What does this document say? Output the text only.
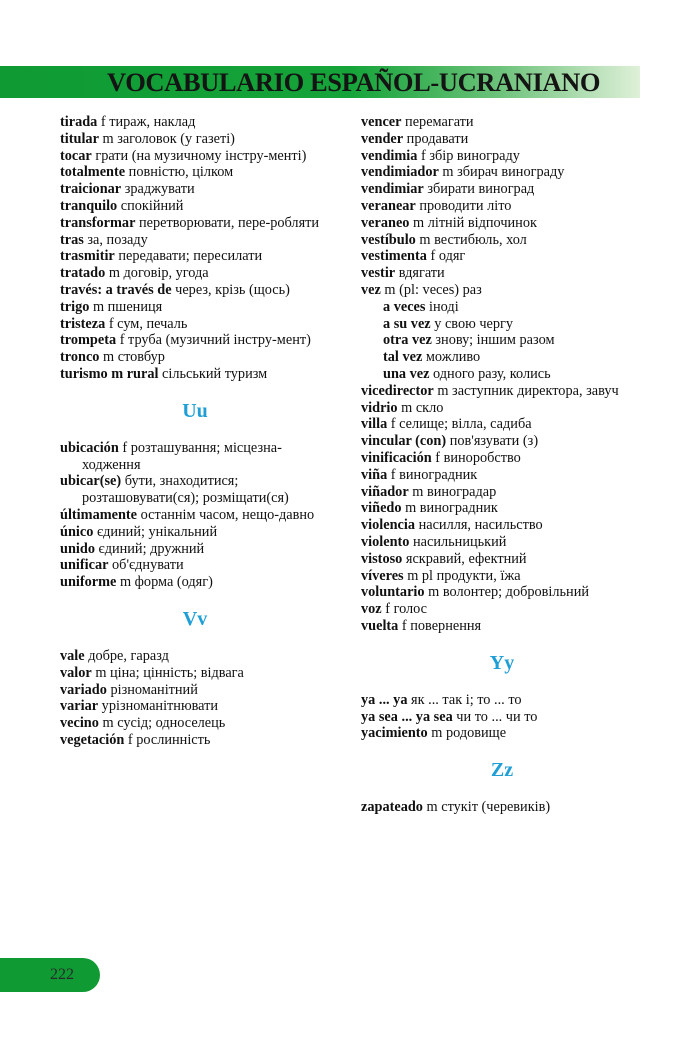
VOCABULARIO ESPAÑOL-UCRANIANO
tirada f тираж, наклад
titular m заголовок (у газеті)
tocar грати (на музичному інстру-менті)
totalmente повністю, цілком
traicionar зраджувати
tranquilo спокійний
transformar перетворювати, пере-робляти
tras за, позаду
trasmitir передавати; пересилати
tratado m договір, угода
través: a través de через, крізь (щось)
trigo m пшениця
tristeza f сум, печаль
trompeta f труба (музичний інстру-мент)
tronco m стовбур
turismo m rural сільський туризм
Uu
ubicación f розташування; місцезна-ходження
ubicar(se) бути, знаходитися; розташовувати(ся); розміщати(ся)
últimamente останнім часом, нещо-давно
único єдиний; унікальний
unido єдиний; дружний
unificar об'єднувати
uniforme m форма (одяг)
Vv
vale добре, гаразд
valor m ціна; цінність; відвага
variado різноманітний
variar урізноманітнювати
vecino m сусід; односелець
vegetación f рослинність
vencer перемагати
vender продавати
vendimia f збір винограду
vendimiador m збирач винограду
vendimiar збирати виноград
veranear проводити літо
veraneo m літній відпочинок
vestíbulo m вестибюль, хол
vestimenta f одяг
vestir вдягати
vez m (pl: veces) раз
a veces іноді
a su vez у свою чергу
otra vez знову; іншим разом
tal vez можливо
una vez одного разу, колись
vicedirector m заступник директора, завуч
vidrio m скло
villa f селище; вілла, садиба
vincular (con) пов'язувати (з)
vinificación f виноробство
viña f виноградник
viñador m виноградар
viñedo m виноградник
violencia насилля, насильство
violento насильницький
vistoso яскравий, ефектний
víveres m pl продукти, їжа
voluntario m волонтер; добровільний
voz f голос
vuelta f повернення
Yy
ya ... ya як ... так і; то ... то
ya sea ... ya sea чи то ... чи то
yacimiento m родовище
Zz
zapateado m стукіт (черевиків)
222
